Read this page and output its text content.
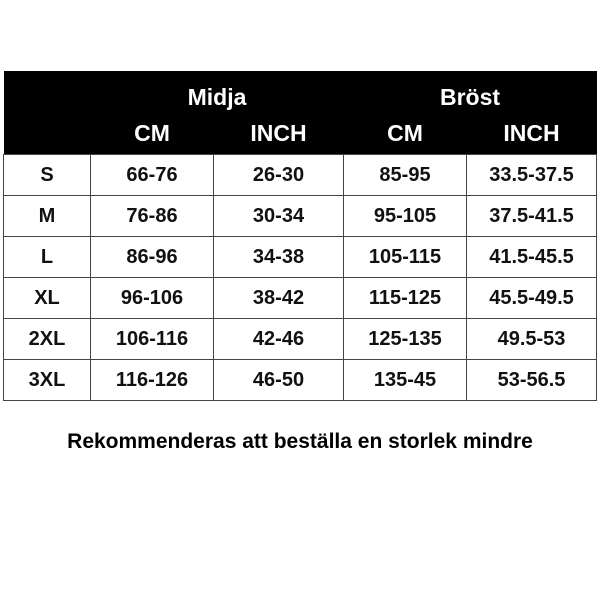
	Midja		Bröst	
	CM	INCH	CM	INCH
S	66-76	26-30	85-95	33.5-37.5
M	76-86	30-34	95-105	37.5-41.5
L	86-96	34-38	105-115	41.5-45.5
XL	96-106	38-42	115-125	45.5-49.5
2XL	106-116	42-46	125-135	49.5-53
3XL	116-126	46-50	135-45	53-56.5
Rekommenderas att beställa en storlek mindre
